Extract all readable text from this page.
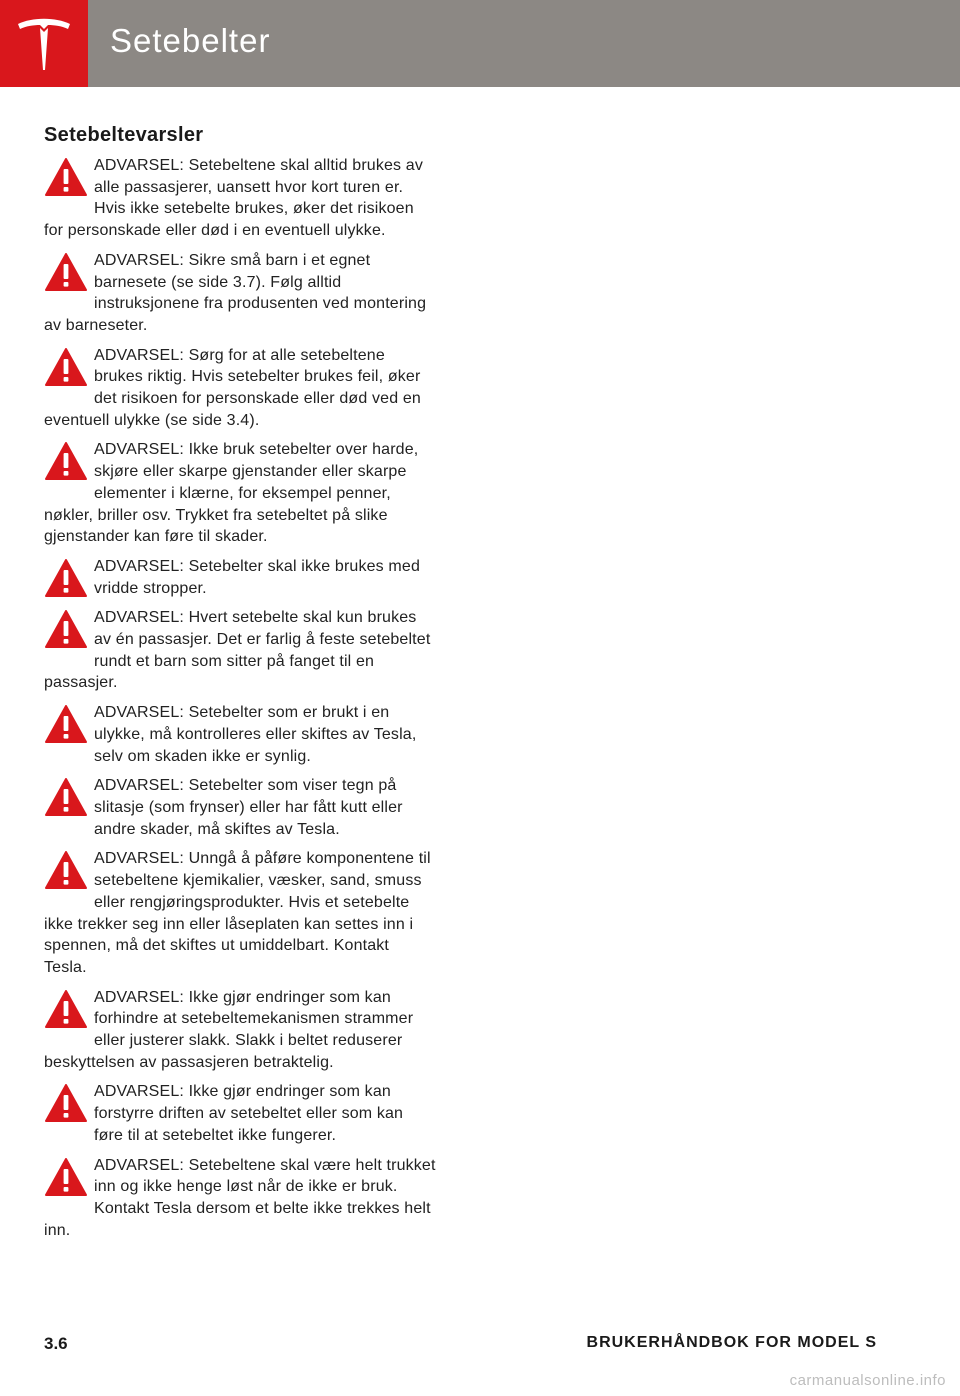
Setebelter
Setebeltevarsler
ADVARSEL: Setebeltene skal alltid brukes av alle passasjerer, uansett hvor kort turen er. Hvis ikke setebelte brukes, øker det risikoen for personskade eller død i en eventuell ulykke.
ADVARSEL: Sikre små barn i et egnet barnesete (se side 3.7). Følg alltid instruksjonene fra produsenten ved montering av barneseter.
ADVARSEL: Sørg for at alle setebeltene brukes riktig. Hvis setebelter brukes feil, øker det risikoen for personskade eller død ved en eventuell ulykke (se side 3.4).
ADVARSEL: Ikke bruk setebelter over harde, skjøre eller skarpe gjenstander eller skarpe elementer i klærne, for eksempel penner, nøkler, briller osv. Trykket fra setebeltet på slike gjenstander kan føre til skader.
ADVARSEL: Setebelter skal ikke brukes med vridde stropper.
ADVARSEL: Hvert setebelte skal kun brukes av én passasjer. Det er farlig å feste setebeltet rundt et barn som sitter på fanget til en passasjer.
ADVARSEL: Setebelter som er brukt i en ulykke, må kontrolleres eller skiftes av Tesla, selv om skaden ikke er synlig.
ADVARSEL: Setebelter som viser tegn på slitasje (som frynser) eller har fått kutt eller andre skader, må skiftes av Tesla.
ADVARSEL: Unngå å påføre komponentene til setebeltene kjemikalier, væsker, sand, smuss eller rengjøringsprodukter. Hvis et setebelte ikke trekker seg inn eller låseplaten kan settes inn i spennen, må det skiftes ut umiddelbart. Kontakt Tesla.
ADVARSEL: Ikke gjør endringer som kan forhindre at setebeltemekanismen strammer eller justerer slakk. Slakk i beltet reduserer beskyttelsen av passasjeren betraktelig.
ADVARSEL: Ikke gjør endringer som kan forstyrre driften av setebeltet eller som kan føre til at setebeltet ikke fungerer.
ADVARSEL: Setebeltene skal være helt trukket inn og ikke henge løst når de ikke er bruk. Kontakt Tesla dersom et belte ikke trekkes helt inn.
3.6	BRUKERHÅNDBOK FOR MODEL S
carmanualsonline.info
